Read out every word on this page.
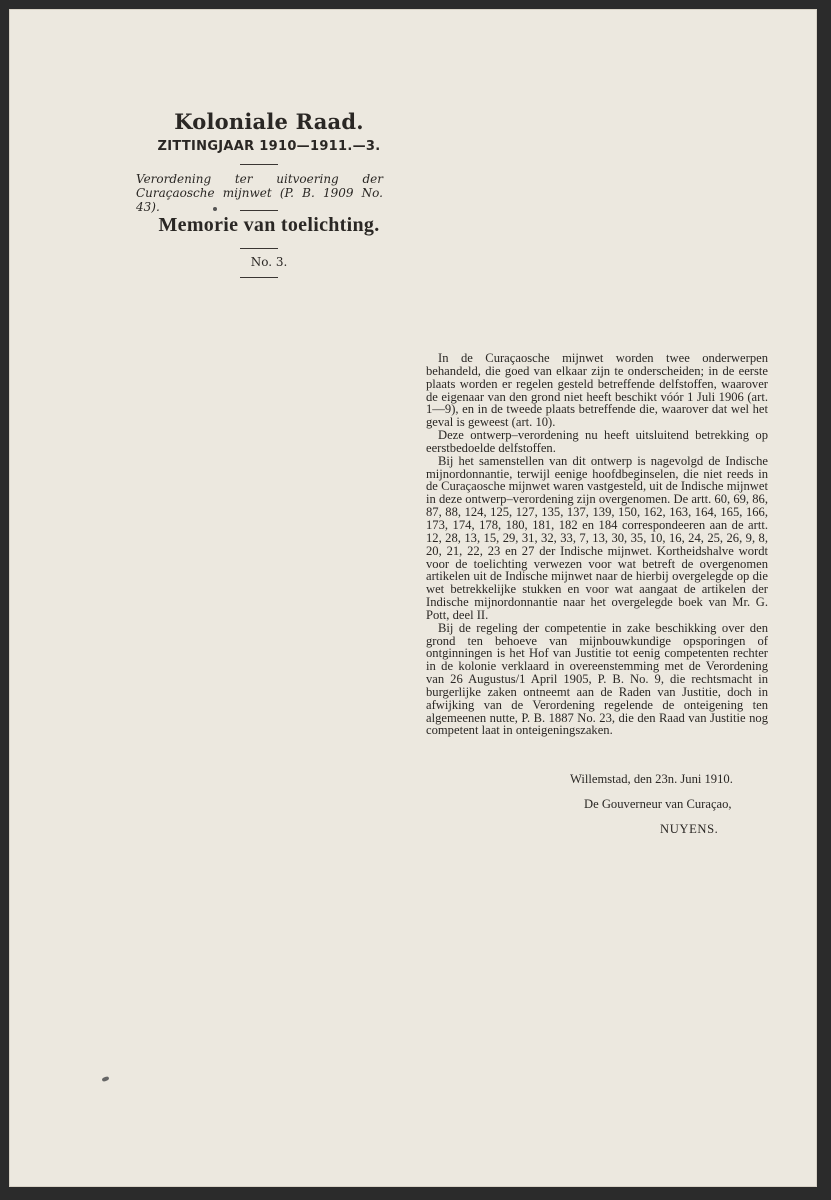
Koloniale Raad.
ZITTINGJAAR 1910—1911.—3.
Verordening ter uitvoering der Curaçaosche mijnwet (P. B. 1909 No. 43).
Memorie van toelichting.
No. 3.

In de Curaçaosche mijnwet worden twee onderwerpen behandeld, die goed van elkaar zijn te onderscheiden; in de eerste plaats worden er regelen gesteld betreffende delfstoffen, waarover de eigenaar van den grond niet heeft beschikt vóór 1 Juli 1906 (art. 1—9), en in de tweede plaats betreffende die, waarover dat wel het geval is geweest (art. 10).

Deze ontwerp–verordening nu heeft uitsluitend betrekking op eerstbedoelde delfstoffen.

Bij het samenstellen van dit ontwerp is nagevolgd de Indische mijnordonnantie, terwijl eenige hoofdbeginselen, die niet reeds in de Curaçaosche mijnwet waren vastgesteld, uit de Indische mijnwet in deze ontwerp–verordening zijn overgenomen. De artt. 60, 69, 86, 87, 88, 124, 125, 127, 135, 137, 139, 150, 162, 163, 164, 165, 166, 173, 174, 178, 180, 181, 182 en 184 correspondeeren aan de artt. 12, 28, 13, 15, 29, 31, 32, 33, 7, 13, 30, 35, 10, 16, 24, 25, 26, 9, 8, 20, 21, 22, 23 en 27 der Indische mijnwet. Kortheidshalve wordt voor de toelichting verwezen voor wat betreft de overgenomen artikelen uit de Indische mijnwet naar de hierbij overgelegde op die wet betrekkelijke stukken en voor wat aangaat de artikelen der Indische mijnordonnantie naar het overgelegde boek van Mr. G. Pott, deel II.

Bij de regeling der competentie in zake beschikking over den grond ten behoeve van mijnbouwkundige opsporingen of ontginningen is het Hof van Justitie tot eenig competenten rechter in de kolonie verklaard in overeenstemming met de Verordening van 26 Augustus/1 April 1905, P. B. No. 9, die rechtsmacht in burgerlijke zaken ontneemt aan de Raden van Justitie, doch in afwijking van de Verordening regelende de onteigening ten algemeenen nutte, P. B. 1887 No. 23, die den Raad van Justitie nog competent laat in onteigeningszaken.

Willemstad, den 23n. Juni 1910.
De Gouverneur van Curaçao,
NUYENS.
